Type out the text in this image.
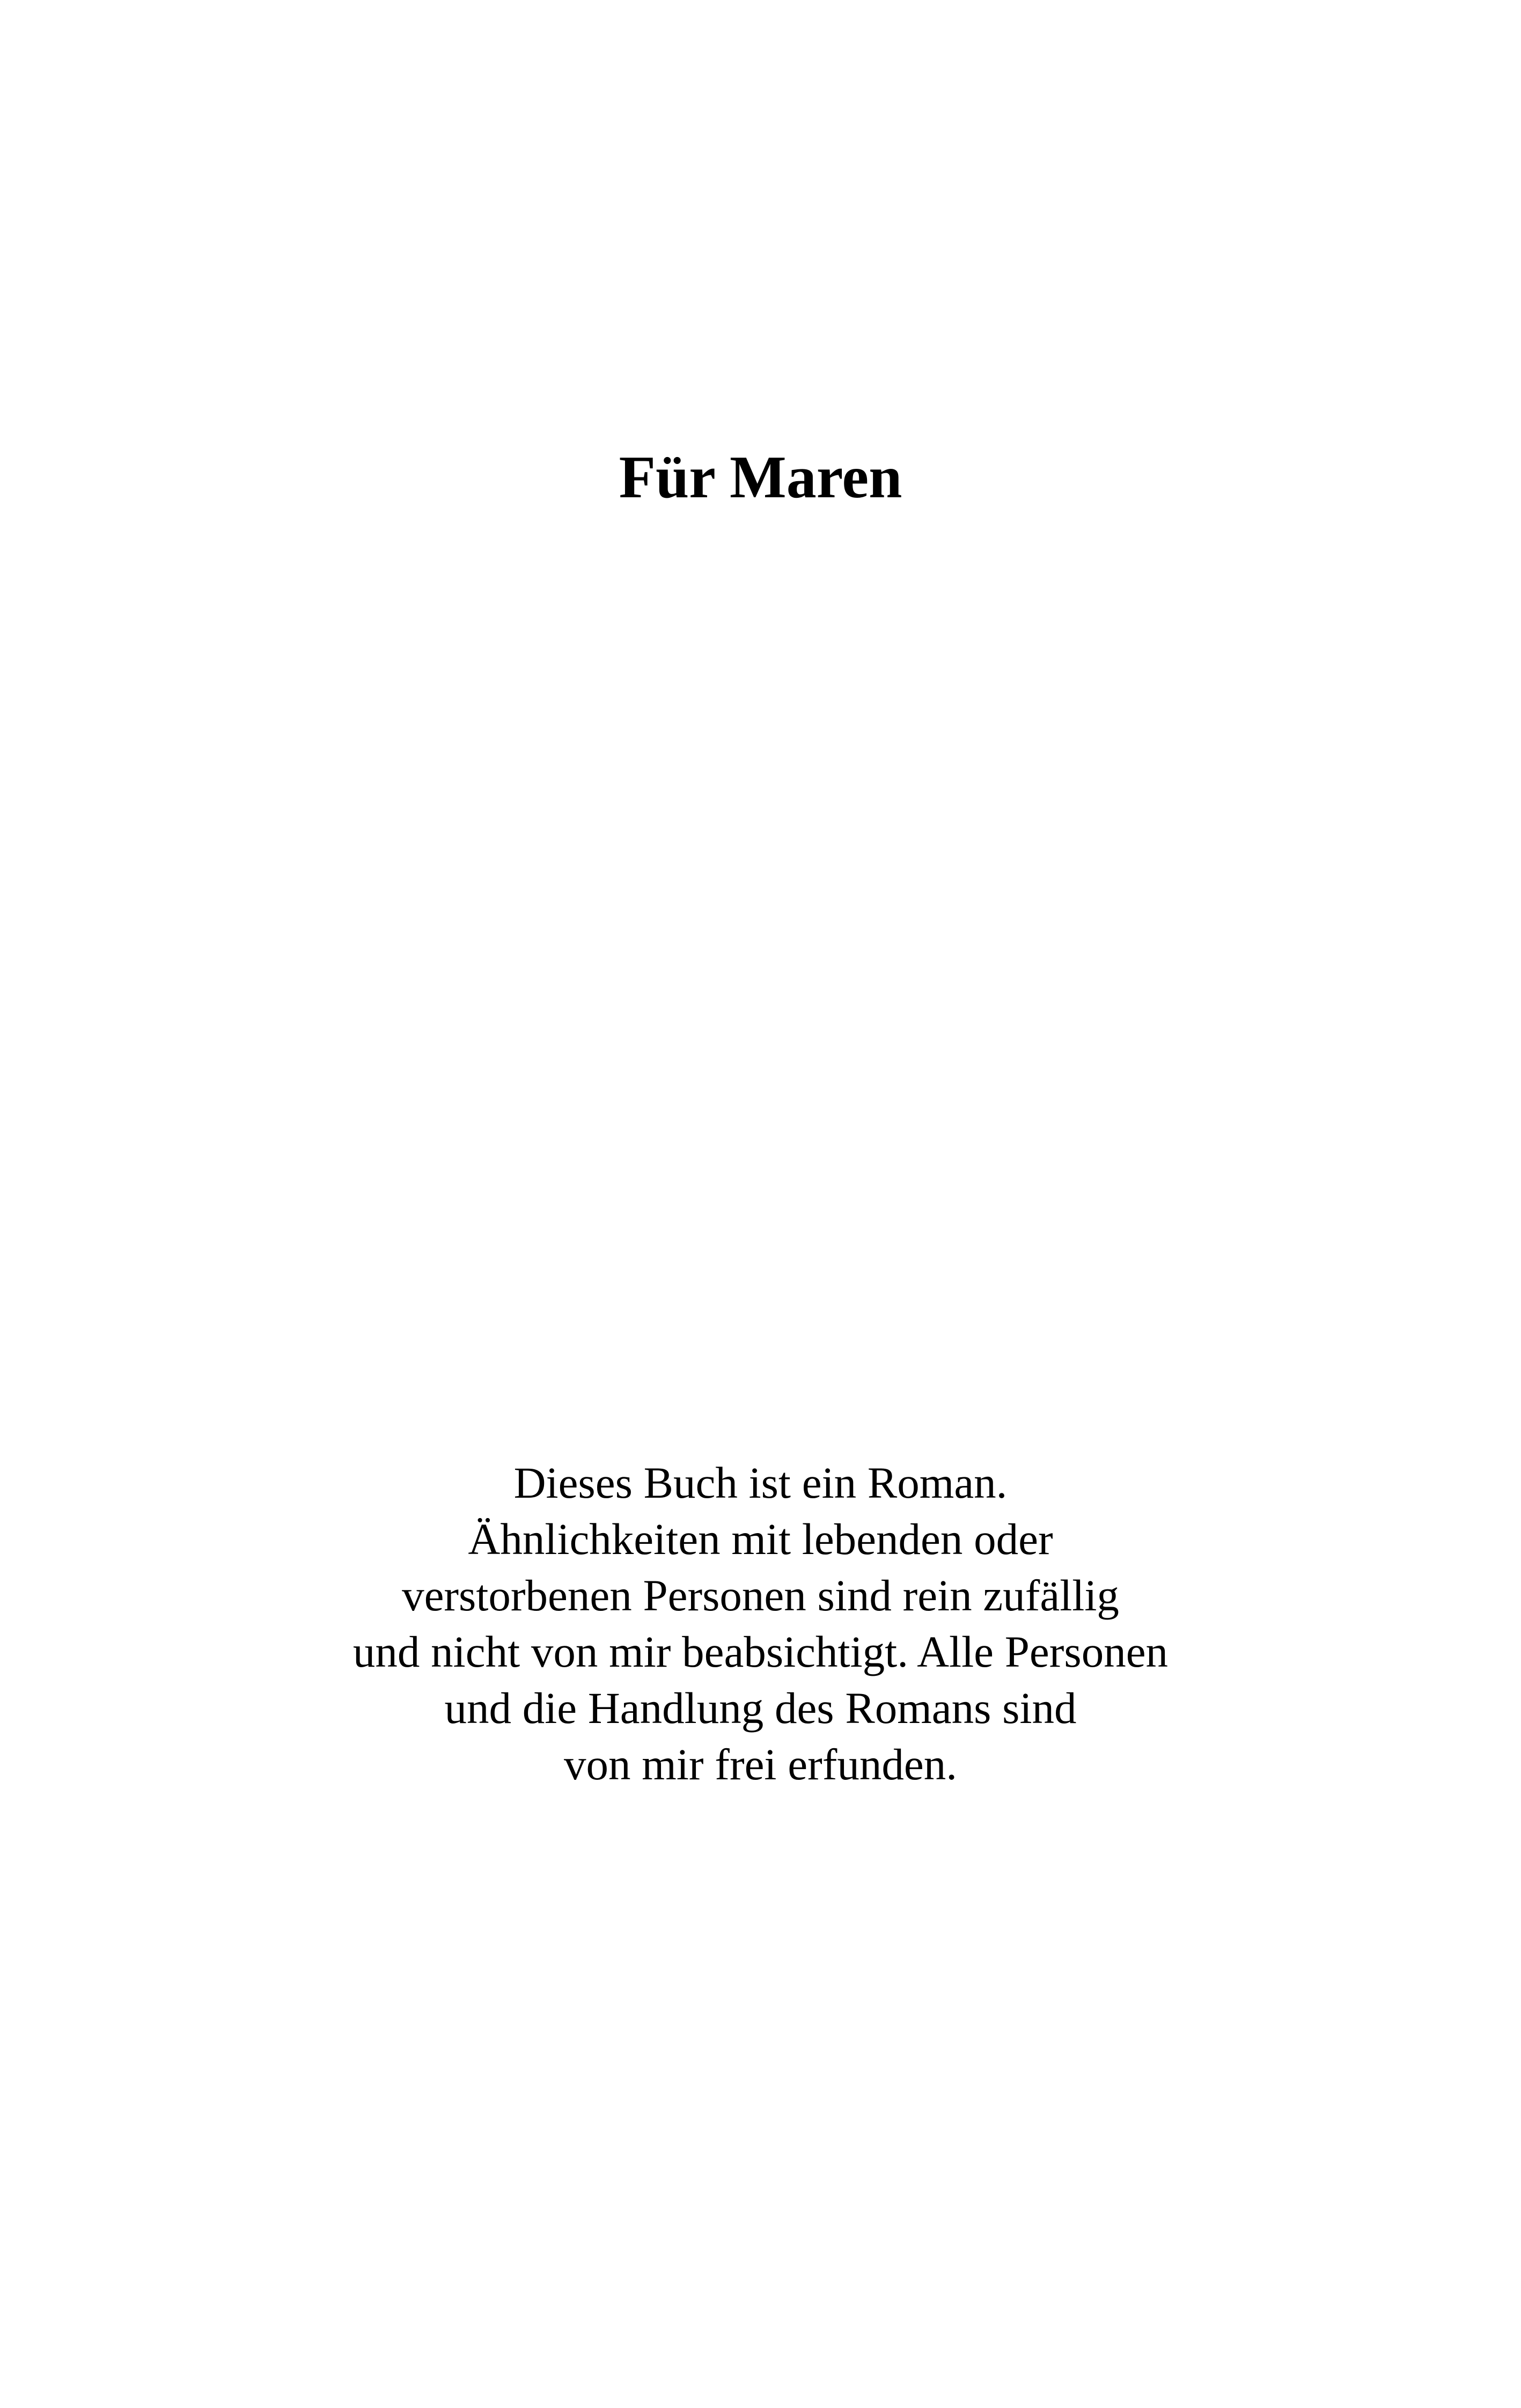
Für Maren
Dieses Buch ist ein Roman.
Ähnlichkeiten mit lebenden oder
verstorbenen Personen sind rein zufällig
und nicht von mir beabsichtigt. Alle Personen
und die Handlung des Romans sind
von mir frei erfunden.
